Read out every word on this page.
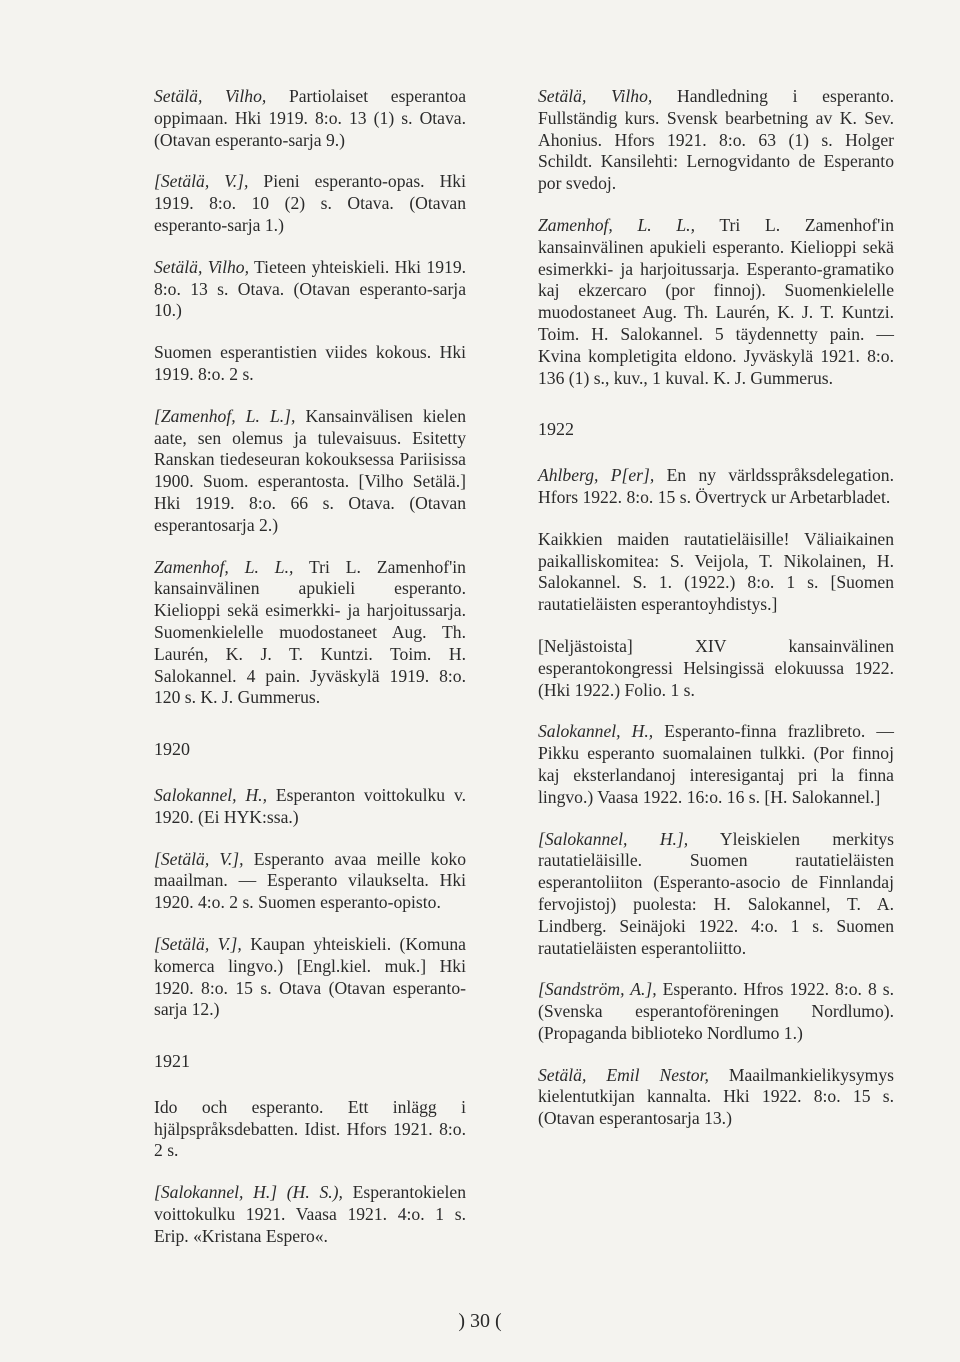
Setälä, Vilho, Partiolaiset esperantoa oppimaan. Hki 1919. 8:o. 13 (1) s. Otava. (Otavan esperanto-sarja 9.)

[Setälä, V.], Pieni esperanto-opas. Hki 1919. 8:o. 10 (2) s. Otava. (Otavan esperanto-sarja 1.)

Setälä, Vilho, Tieteen yhteiskieli. Hki 1919. 8:o. 13 s. Otava. (Otavan esperanto-sarja 10.)

Suomen esperantistien viides kokous. Hki 1919. 8:o. 2 s.

[Zamenhof, L. L.], Kansainvälisen kielen aate, sen olemus ja tulevaisuus. Esitetty Ranskan tiedeseuran kokouksessa Pariisissa 1900. Suom. esperantosta. [Vilho Setälä.] Hki 1919. 8:o. 66 s. Otava. (Otavan esperantosarja 2.)

Zamenhof, L. L., Tri L. Zamenhof'in kansainvälinen apukieli esperanto. Kielioppi sekä esimerkki- ja harjoitussarja. Suomenkielelle muodostaneet Aug. Th. Laurén, K. J. T. Kuntzi. Toim. H. Salokannel. 4 pain. Jyväskylä 1919. 8:o. 120 s. K. J. Gummerus.

1920

Salokannel, H., Esperanton voittokulku v. 1920. (Ei HYK:ssa.)

[Setälä, V.], Esperanto avaa meille koko maailman. — Esperanto vilaukselta. Hki 1920. 4:o. 2 s. Suomen esperanto-opisto.

[Setälä, V.], Kaupan yhteiskieli. (Komuna komerca lingvo.) [Engl.kiel. muk.] Hki 1920. 8:o. 15 s. Otava (Otavan esperanto-sarja 12.)

1921

Ido och esperanto. Ett inlägg i hjälpspråksdebatten. Idist. Hfors 1921. 8:o. 2 s.

[Salokannel, H.] (H. S.), Esperantokielen voittokulku 1921. Vaasa 1921. 4:o. 1 s. Erip. «Kristana Espero«.

Setälä, Vilho, Handledning i esperanto. Fullständig kurs. Svensk bearbetning av K. Sev. Ahonius. Hfors 1921. 8:o. 63 (1) s. Holger Schildt. Kansilehti: Lernogvidanto de Esperanto por svedoj.

Zamenhof, L. L., Tri L. Zamenhof'in kansainvälinen apukieli esperanto. Kielioppi sekä esimerkki- ja harjoitussarja. Esperanto-gramatiko kaj ekzercaro (por finnoj). Suomenkielelle muodostaneet Aug. Th. Laurén, K. J. T. Kuntzi. Toim. H. Salokannel. 5 täydennetty pain. — Kvina kompletigita eldono. Jyväskylä 1921. 8:o. 136 (1) s., kuv., 1 kuval. K. J. Gummerus.

1922

Ahlberg, P[er], En ny världsspråksdelegation. Hfors 1922. 8:o. 15 s. Övertryck ur Arbetarbladet.

Kaikkien maiden rautatieläisille! Väliaikainen paikalliskomitea: S. Veijola, T. Nikolainen, H. Salokannel. S. 1. (1922.) 8:o. 1 s. [Suomen rautatieläisten esperantoyhdistys.]

[Neljästoista] XIV kansainvälinen esperantokongressi Helsingissä elokuussa 1922. (Hki 1922.) Folio. 1 s.

Salokannel, H., Esperanto-finna frazlibreto. — Pikku esperanto suomalainen tulkki. (Por finnoj kaj eksterlandanoj interesigantaj pri la finna lingvo.) Vaasa 1922. 16:o. 16 s. [H. Salokannel.]

[Salokannel, H.], Yleiskielen merkitys rautatieläisille. Suomen rautatieläisten esperantoliiton (Esperanto-asocio de Finnlandaj fervojistoj) puolesta: H. Salokannel, T. A. Lindberg. Seinäjoki 1922. 4:o. 1 s. Suomen rautatieläisten esperantoliitto.

[Sandström, A.], Esperanto. Hfros 1922. 8:o. 8 s. (Svenska esperantoföreningen Nordlumo). (Propaganda biblioteko Nordlumo 1.)

Setälä, Emil Nestor, Maailmankielikysymys kielentutkijan kannalta. Hki 1922. 8:o. 15 s. (Otavan esperantosarja 13.)

) 30 (
